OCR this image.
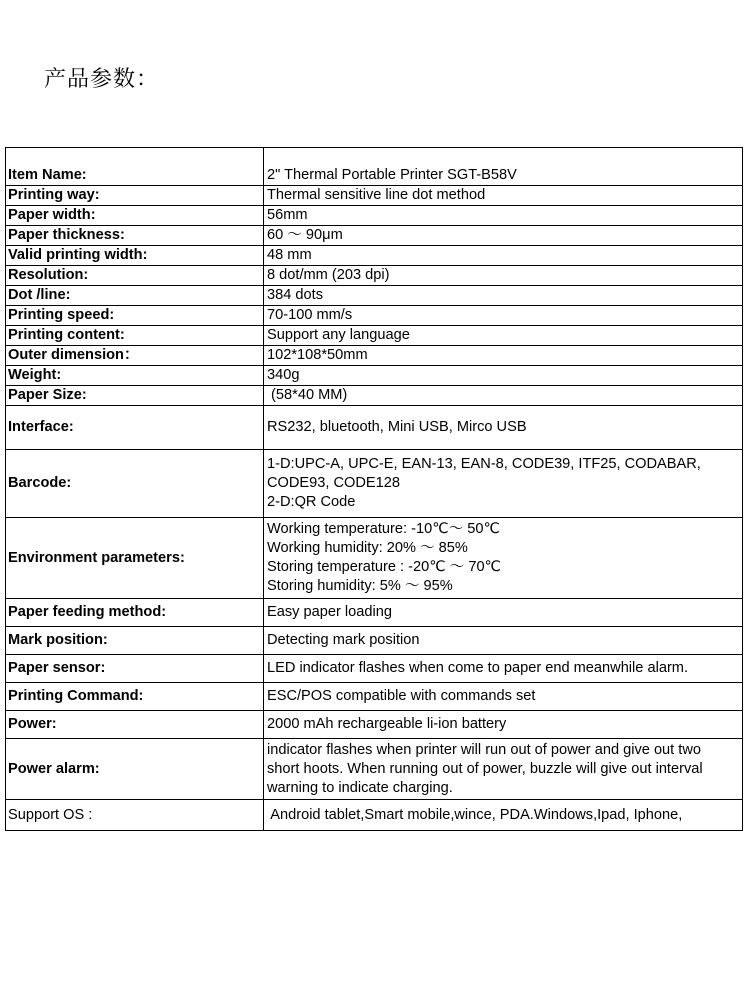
产品参数：
Item Name:	2" Thermal Portable Printer SGT-B58V

Printing way:	Thermal sensitive line dot method

Paper width:	56mm

Paper thickness:	60 ～ 90μm

Valid printing width:	48 mm

Resolution:	8 dot/mm (203 dpi)

Dot /line:	384 dots

Printing speed:	70-100 mm/s

Printing content:	Support any language

Outer dimension：	102*108*50mm

Weight:	340g

Paper Size:	(58*40 MM)

Interface:	RS232, bluetooth, Mini USB, Mirco USB

Barcode:	1-D:UPC-A, UPC-E, EAN-13, EAN-8, CODE39, ITF25, CODABAR,
CODE93, CODE128
2-D:QR Code

Environment parameters:	Working temperature: -10℃～ 50℃
Working humidity: 20% ～ 85%
Storing temperature : -20℃ ～ 70℃
Storing humidity: 5% ～ 95%

Paper feeding method:	Easy paper loading

Mark position:	Detecting mark position

Paper sensor:	LED indicator flashes when come to paper end meanwhile alarm.

Printing Command:	ESC/POS compatible with commands set

Power:	2000 mAh rechargeable li-ion battery

Power alarm:	indicator flashes when printer will run out of power and give out two
short hoots. When running out of power, buzzle will give out interval
warning to indicate charging.

Support OS :	Android tablet,Smart mobile,wince, PDA.Windows,Ipad, Iphone,
